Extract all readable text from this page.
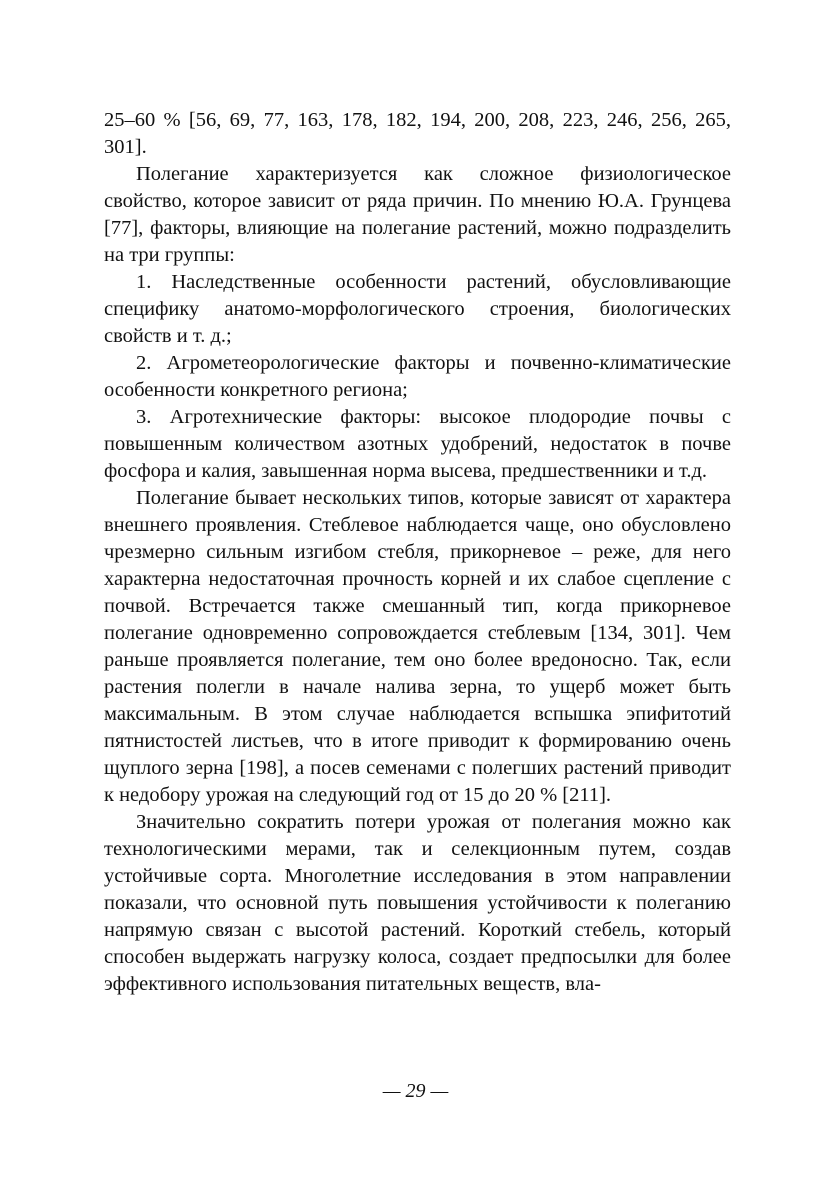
25–60 % [56, 69, 77, 163, 178, 182, 194, 200, 208, 223, 246, 256, 265, 301].

Полегание характеризуется как сложное физиологическое свойство, которое зависит от ряда причин. По мнению Ю.А. Грунцева [77], факторы, влияющие на полегание растений, можно подразделить на три группы:

1. Наследственные особенности растений, обусловливающие специфику анатомо-морфологического строения, биологических свойств и т. д.;

2. Агрометеорологические факторы и почвенно-климатические особенности конкретного региона;

3. Агротехнические факторы: высокое плодородие почвы с повышенным количеством азотных удобрений, недостаток в почве фосфора и калия, завышенная норма высева, предшественники и т.д.

Полегание бывает нескольких типов, которые зависят от характера внешнего проявления. Стеблевое наблюдается чаще, оно обусловлено чрезмерно сильным изгибом стебля, прикорневое – реже, для него характерна недостаточная прочность корней и их слабое сцепление с почвой. Встречается также смешанный тип, когда прикорневое полегание одновременно сопровождается стеблевым [134, 301]. Чем раньше проявляется полегание, тем оно более вредоносно. Так, если растения полегли в начале налива зерна, то ущерб может быть максимальным. В этом случае наблюдается вспышка эпифитотий пятнистостей листьев, что в итоге приводит к формированию очень щуплого зерна [198], а посев семенами с полегших растений приводит к недобору урожая на следующий год от 15 до 20 % [211].

Значительно сократить потери урожая от полегания можно как технологическими мерами, так и селекционным путем, создав устойчивые сорта. Многолетние исследования в этом направлении показали, что основной путь повышения устойчивости к полеганию напрямую связан с высотой растений. Короткий стебель, который способен выдержать нагрузку колоса, создает предпосылки для более эффективного использования питательных веществ, вла-

— 29 —
